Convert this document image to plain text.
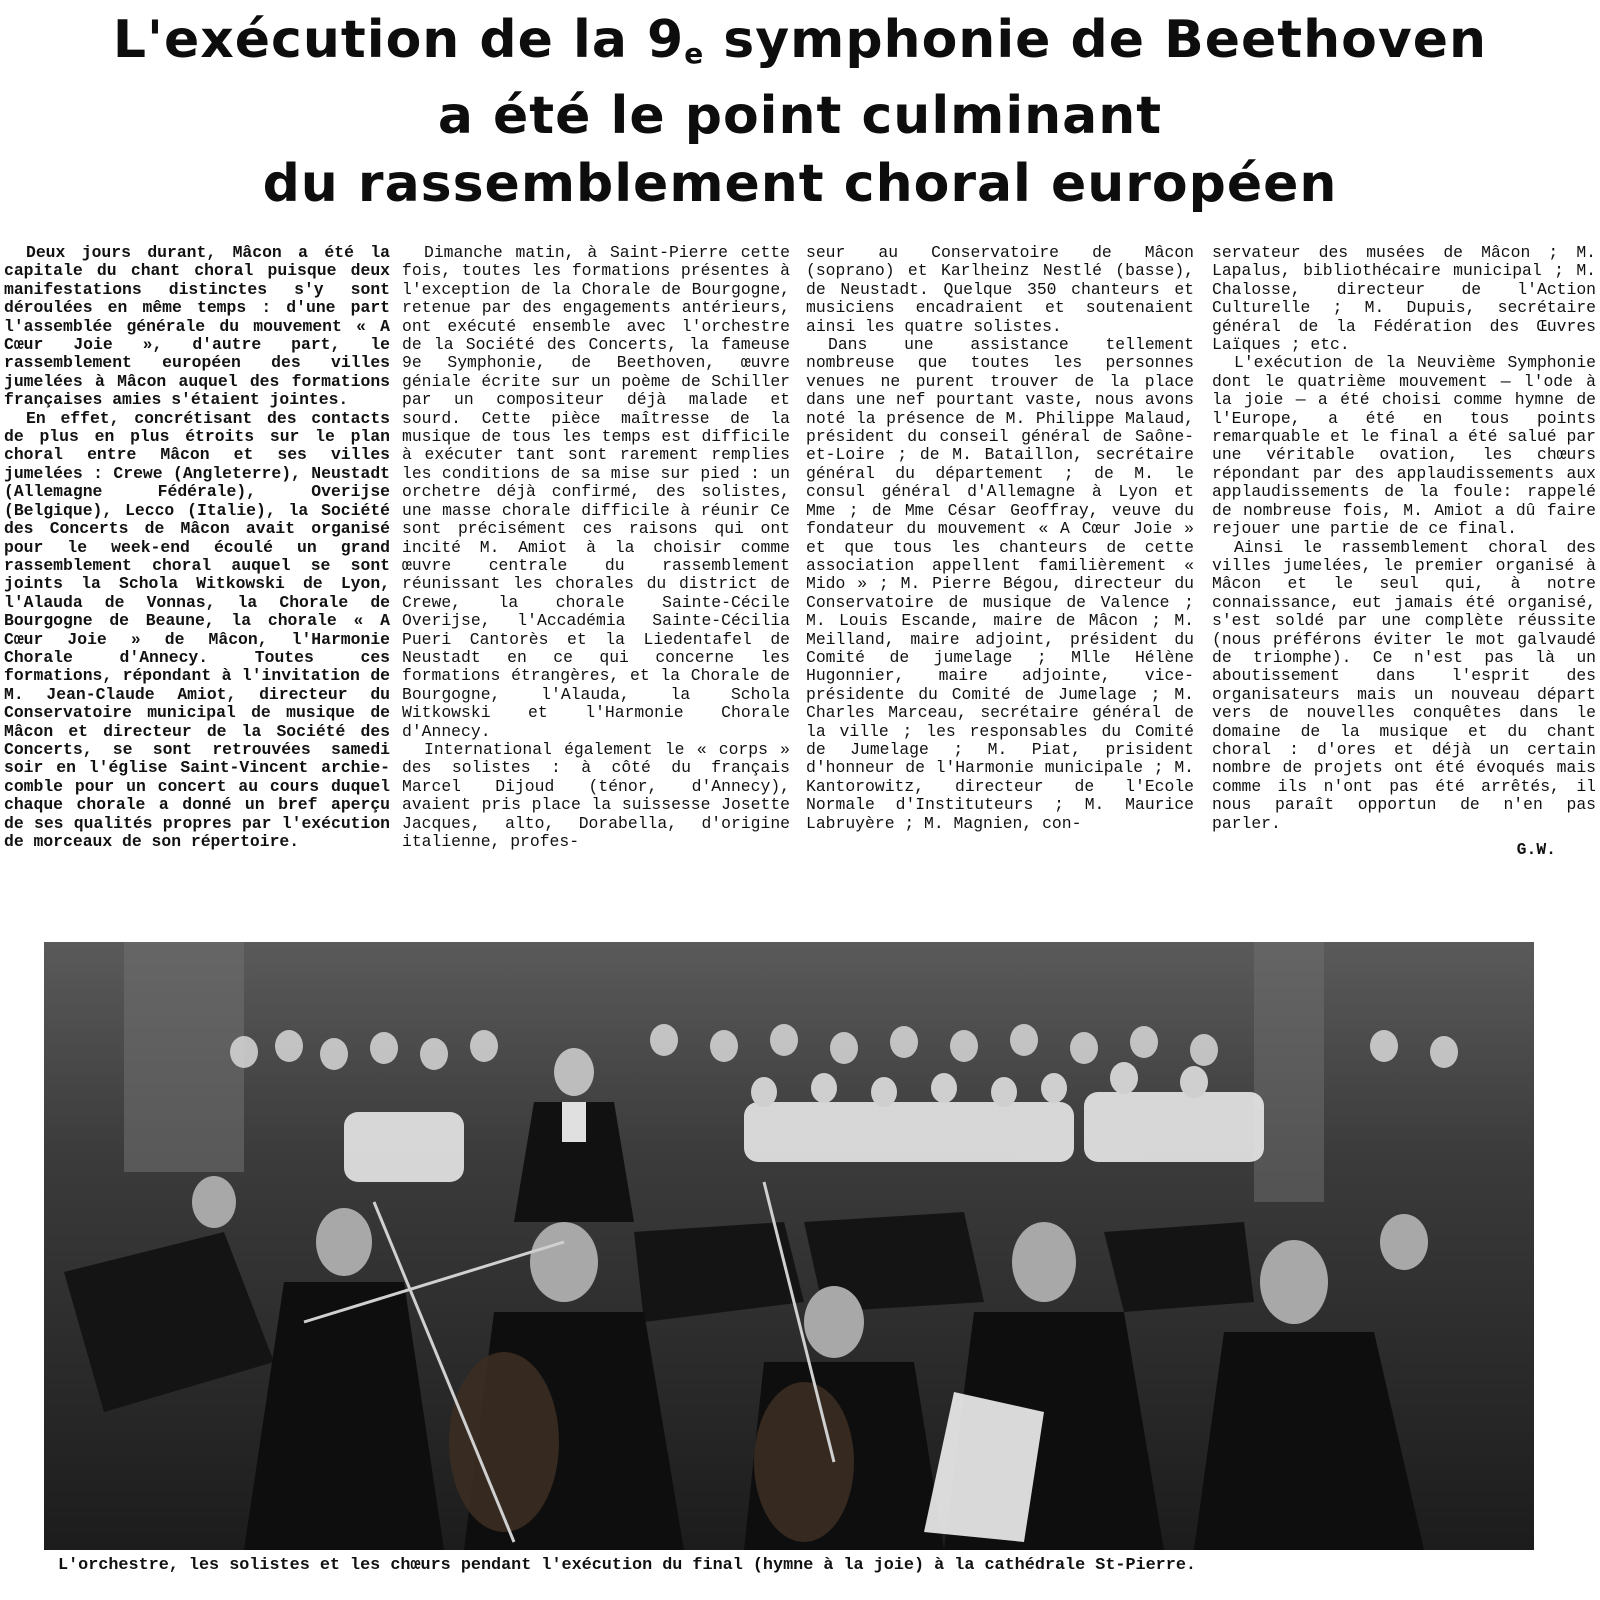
L'exécution de la 9e symphonie de Beethoven
a été le point culminant
du rassemblement choral européen

Deux jours durant, Mâcon a été la capitale du chant choral puisque deux manifestations distinctes s'y sont déroulées en même temps : d'une part l'assemblée générale du mouvement « A Cœur Joie », d'autre part, le rassemblement européen des villes jumelées à Mâcon auquel des formations françaises amies s'étaient jointes.

En effet, concrétisant des contacts de plus en plus étroits sur le plan choral entre Mâcon et ses villes jumelées : Crewe (Angleterre), Neustadt (Allemagne Fédérale), Overijse (Belgique), Lecco (Italie), la Société des Concerts de Mâcon avait organisé pour le week-end écoulé un grand rassemblement choral auquel se sont joints la Schola Witkowski de Lyon, l'Alauda de Vonnas, la Chorale de Bourgogne de Beaune, la chorale « A Cœur Joie » de Mâcon, l'Harmonie Chorale d'Annecy. Toutes ces formations, répondant à l'invitation de M. Jean-Claude Amiot, directeur du Conservatoire municipal de musique de Mâcon et directeur de la Société des Concerts, se sont retrouvées samedi soir en l'église Saint-Vincent archie-comble pour un concert au cours duquel chaque chorale a donné un bref aperçu de ses qualités propres par l'exécution de morceaux de son répertoire.

Dimanche matin, à Saint-Pierre cette fois, toutes les formations présentes à l'exception de la Chorale de Bourgogne, retenue par des engagements antérieurs, ont exécuté ensemble avec l'orchestre de la Société des Concerts, la fameuse 9e Symphonie, de Beethoven, œuvre géniale écrite sur un poème de Schiller par un compositeur déjà malade et sourd. Cette pièce maîtresse de la musique de tous les temps est difficile à exécuter tant sont rarement remplies les conditions de sa mise sur pied : un orchetre déjà confirmé, des solistes, une masse chorale difficile à réunir Ce sont précisément ces raisons qui ont incité M. Amiot à la choisir comme œuvre centrale du rassemblement réunissant les chorales du district de Crewe, la chorale Sainte-Cécile Overijse, l'Accadémia Sainte-Cécilia Pueri Cantorès et la Liedentafel de Neustadt en ce qui concerne les formations étrangères, et la Chorale de Bourgogne, l'Alauda, la Schola Witkowski et l'Harmonie Chorale d'Annecy.

International également le « corps » des solistes : à côté du français Marcel Dijoud (ténor, d'Annecy), avaient pris place la suissesse Josette Jacques, alto, Dorabella, d'origine italienne, profes-

seur au Conservatoire de Mâcon (soprano) et Karlheinz Nestlé (basse), de Neustadt. Quelque 350 chanteurs et musiciens encadraient et soutenaient ainsi les quatre solistes.

Dans une assistance tellement nombreuse que toutes les personnes venues ne purent trouver de la place dans une nef pourtant vaste, nous avons noté la présence de M. Philippe Malaud, président du conseil général de Saône-et-Loire ; de M. Bataillon, secrétaire général du département ; de M. le consul général d'Allemagne à Lyon et Mme ; de Mme César Geoffray, veuve du fondateur du mouvement « A Cœur Joie » et que tous les chanteurs de cette association appellent familièrement « Mido » ; M. Pierre Bégou, directeur du Conservatoire de musique de Valence ; M. Louis Escande, maire de Mâcon ; M. Meilland, maire adjoint, président du Comité de jumelage ; Mlle Hélène Hugonnier, maire adjointe, vice-présidente du Comité de Jumelage ; M. Charles Marceau, secrétaire général de la ville ; les responsables du Comité de Jumelage ; M. Piat, prisident d'honneur de l'Harmonie municipale ; M. Kantorowitz, directeur de l'Ecole Normale d'Instituteurs ; M. Maurice Labruyère ; M. Magnien, con-

servateur des musées de Mâcon ; M. Lapalus, bibliothécaire municipal ; M. Chalosse, directeur de l'Action Culturelle ; M. Dupuis, secrétaire général de la Fédération des Œuvres Laïques ; etc.

L'exécution de la Neuvième Symphonie dont le quatrième mouvement — l'ode à la joie — a été choisi comme hymne de l'Europe, a été en tous points remarquable et le final a été salué par une véritable ovation, les chœurs répondant par des applaudissements aux applaudissements de la foule: rappelé de nombreuse fois, M. Amiot a dû faire rejouer une partie de ce final.

Ainsi le rassemblement choral des villes jumelées, le premier organisé à Mâcon et le seul qui, à notre connaissance, eut jamais été organisé, s'est soldé par une complète réussite (nous préférons éviter le mot galvaudé de triomphe). Ce n'est pas là un aboutissement dans l'esprit des organisateurs mais un nouveau départ vers de nouvelles conquêtes dans le domaine de la musique et du chant choral : d'ores et déjà un certain nombre de projets ont été évoqués mais comme ils n'ont pas été arrêtés, il nous paraît opportun de n'en pas parler.

G.W.
L'orchestre, les solistes et les chœurs pendant l'exécution du final (hymne à la joie) à la cathédrale St-Pierre.
